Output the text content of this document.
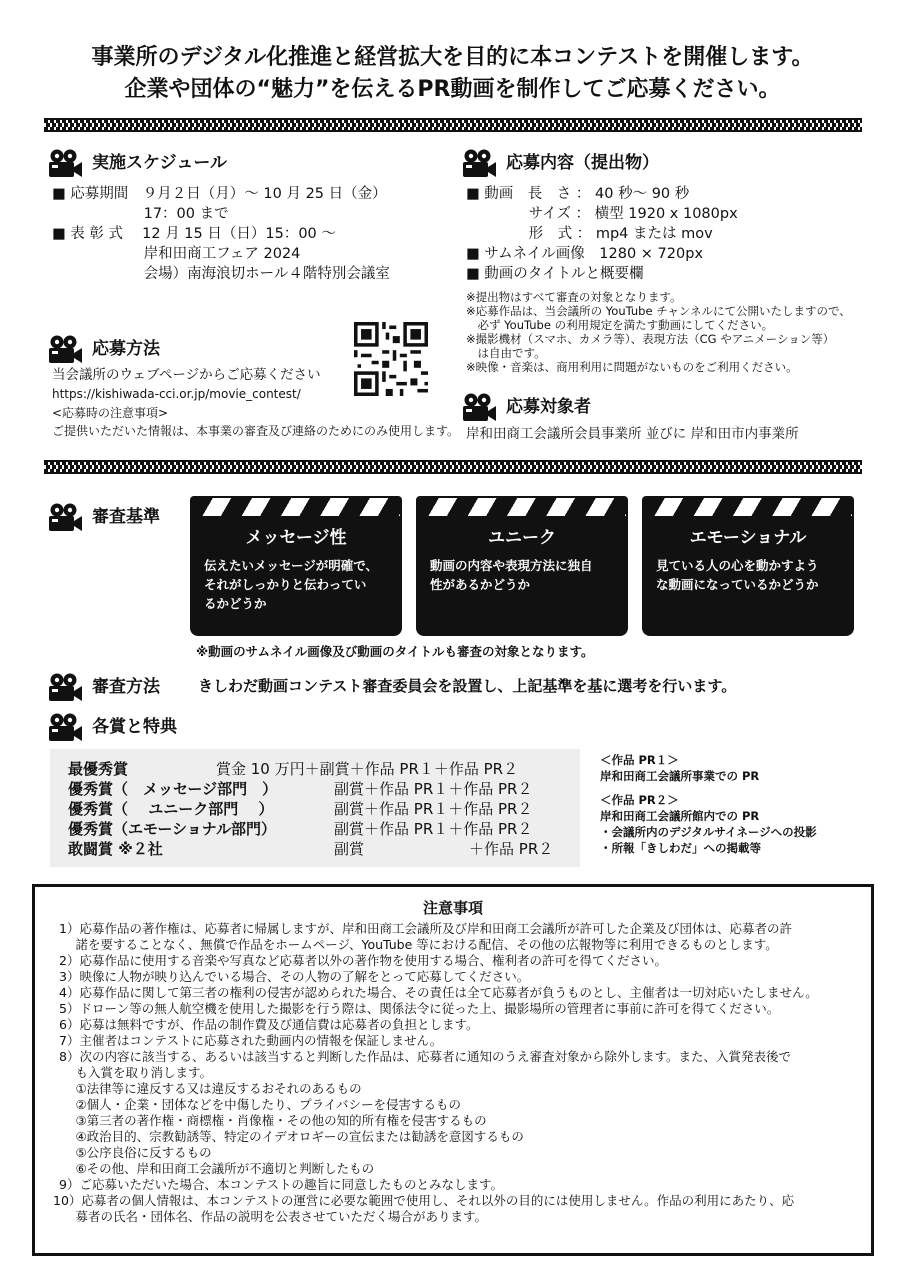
事業所のデジタル化推進と経営拡大を目的に本コンテストを開催します。
企業や団体の“魅力”を伝えるPR動画を制作してご応募ください。
実施スケジュール
■ 応募期間　９月２日（月）～ 10 月 25 日（金）
　　　　　　 17：00 まで
■ 表 彰 式　 12 月 15 日（日）15：00 ～
　　　　　　 岸和田商工フェア 2024
　　　　　　 会場）南海浪切ホール４階特別会議室
応募内容（提出物）
■ 動画　長　さ ： 40 秒～ 90 秒
　　　　 サイズ ： 横型 1920 x 1080px
　　　　 形　式 ： mp4 または mov
■ サムネイル画像　1280 × 720px
■ 動画のタイトルと概要欄
※提出物はすべて審査の対象となります。
※応募作品は、当会議所の YouTube チャンネルにて公開いたしますので、
　必ず YouTube の利用規定を満たす動画にしてください。
※撮影機材（スマホ、カメラ等）、表現方法（CG やアニメーション等）
　は自由です。
※映像・音楽は、商用利用に問題がないものをご利用ください。
応募方法
当会議所のウェブページからご応募ください
https://kishiwada-cci.or.jp/movie_contest/
<応募時の注意事項>
ご提供いただいた情報は、本事業の審査及び連絡のためにのみ使用します。
応募対象者
岸和田商工会議所会員事業所 並びに 岸和田市内事業所
審査基準
メッセージ性
伝えたいメッセージが明確で、
それがしっかりと伝わってい
るかどうか
ユニーク
動画の内容や表現方法に独自
性があるかどうか
エモーショナル
見ている人の心を動かすよう
な動画になっているかどうか
※動画のサムネイル画像及び動画のタイトルも審査の対象となります。
審査方法	きしわだ動画コンテスト審査委員会を設置し、上記基準を基に選考を行います。
各賞と特典
最優秀賞	賞金 10 万円＋副賞＋作品 PR１＋作品 PR２
優秀賞（　メッセージ部門　）	副賞＋作品 PR１＋作品 PR２
優秀賞（　 ユニーク部門　 ）	副賞＋作品 PR１＋作品 PR２
優秀賞（エモーショナル部門）	副賞＋作品 PR１＋作品 PR２
敢闘賞 ※２社	副賞　　　　　　　＋作品 PR２
＜作品 PR１＞
岸和田商工会議所事業での PR
＜作品 PR２＞
岸和田商工会議所館内での PR
・会議所内のデジタルサイネージへの投影
・所報「きしわだ」への掲載等
注意事項
1）応募作品の著作権は、応募者に帰属しますが、岸和田商工会議所及び岸和田商工会議所が許可した企業及び団体は、応募者の許
　 諾を要することなく、無償で作品をホームページ、YouTube 等における配信、その他の広報物等に利用できるものとします。
2）応募作品に使用する音楽や写真など応募者以外の著作物を使用する場合、権利者の許可を得てください。
3）映像に人物が映り込んでいる場合、その人物の了解をとって応募してください。
4）応募作品に関して第三者の権利の侵害が認められた場合、その責任は全て応募者が負うものとし、主催者は一切対応いたしません。
5）ドローン等の無人航空機を使用した撮影を行う際は、関係法令に従った上、撮影場所の管理者に事前に許可を得てください。
6）応募は無料ですが、作品の制作費及び通信費は応募者の負担とします。
7）主催者はコンテストに応募された動画内の情報を保証しません。
8）次の内容に該当する、あるいは該当すると判断した作品は、応募者に通知のうえ審査対象から除外します。また、入賞発表後で
　 も入賞を取り消します。
　 ①法律等に違反する又は違反するおそれのあるもの
　 ②個人・企業・団体などを中傷したり、プライバシーを侵害するもの
　 ③第三者の著作権・商標権・肖像権・その他の知的所有権を侵害するもの
　 ④政治目的、宗教勧誘等、特定のイデオロギーの宣伝または勧誘を意図するもの
　 ⑤公序良俗に反するもの
　 ⑥その他、岸和田商工会議所が不適切と判断したもの
9）ご応募いただいた場合、本コンテストの趣旨に同意したものとみなします。
10）応募者の個人情報は、本コンテストの運営に必要な範囲で使用し、それ以外の目的には使用しません。作品の利用にあたり、応
　 募者の氏名・団体名、作品の説明を公表させていただく場合があります。
